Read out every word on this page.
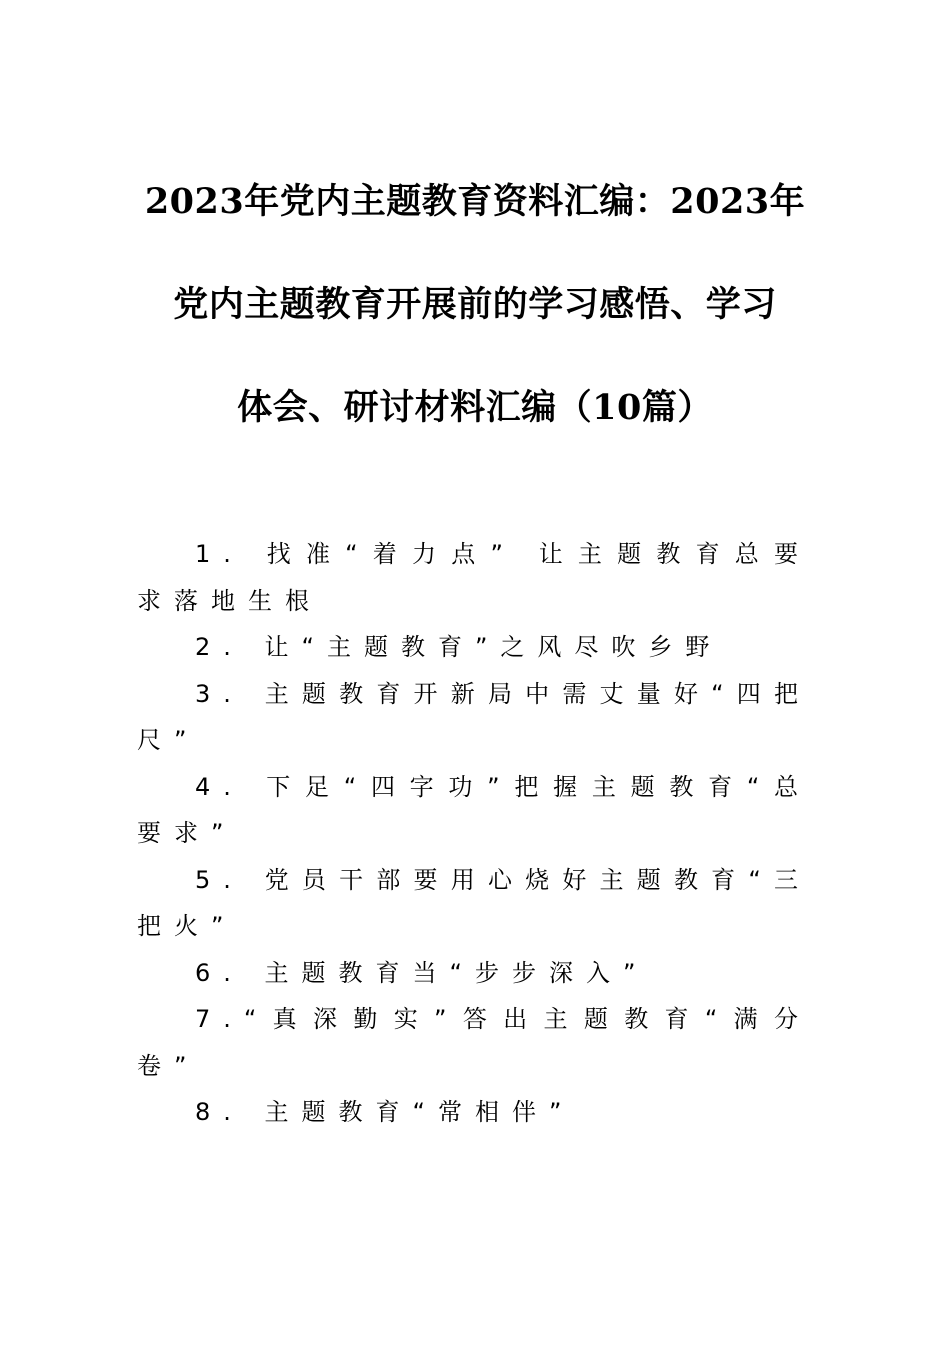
2023年党内主题教育资料汇编：2023年
党内主题教育开展前的学习感悟、学习
体会、研讨材料汇编（10篇）
1. 找准“着力点” 让主题教育总要求落地生根
2. 让“主题教育”之风尽吹乡野
3. 主题教育开新局中需丈量好“四把尺”
4. 下足“四字功”把握主题教育“总要求”
5. 党员干部要用心烧好主题教育“三把火”
6. 主题教育当“步步深入”
7.“真深勤实”答出主题教育“满分卷”
8. 主题教育“常相伴”
